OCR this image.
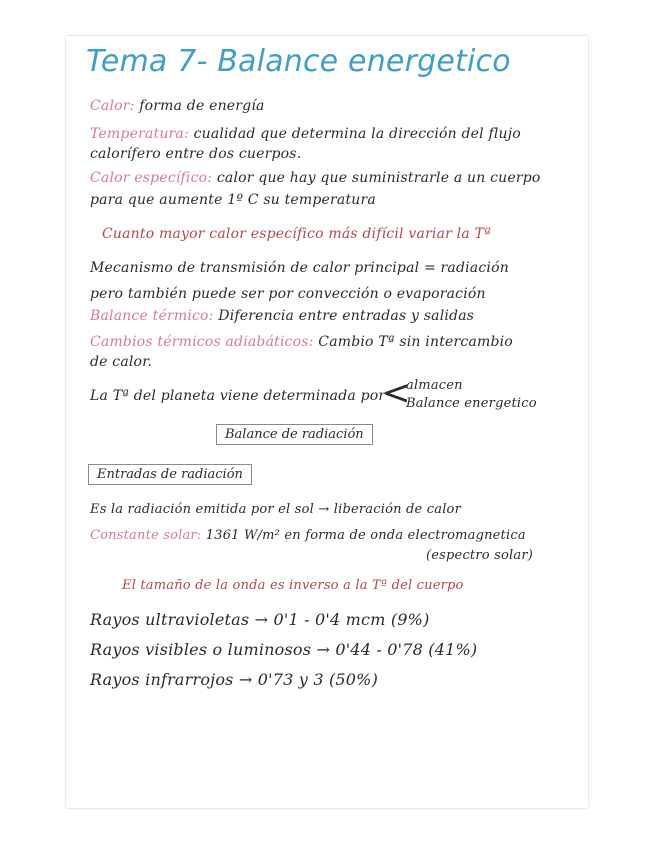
Tema 7- Balance energetico
Calor: forma de energía
Temperatura: cualidad que determina la dirección del flujo
calorífero entre dos cuerpos.
Calor específico: calor que hay que suministrarle a un cuerpo
para que aumente 1º C su temperatura
Cuanto mayor calor específico más difícil variar la Tª
Mecanismo de transmisión de calor principal = radiación
pero también puede ser por convección o evaporación
Balance térmico: Diferencia entre entradas y salidas
Cambios térmicos adiabáticos: Cambio Tª sin intercambio
de calor.
La Tª del planeta viene determinada por
<
almacen
Balance energetico
Balance de radiación
Entradas de radiación
Es la radiación emitida por el sol → liberación de calor
Constante solar: 1361 W/m² en forma de onda electromagnetica
(espectro solar)
El tamaño de la onda es inverso a la Tª del cuerpo
Rayos ultravioletas → 0'1 - 0'4 mcm (9%)
Rayos visibles o luminosos → 0'44 - 0'78 (41%)
Rayos infrarrojos → 0'73 y 3 (50%)
